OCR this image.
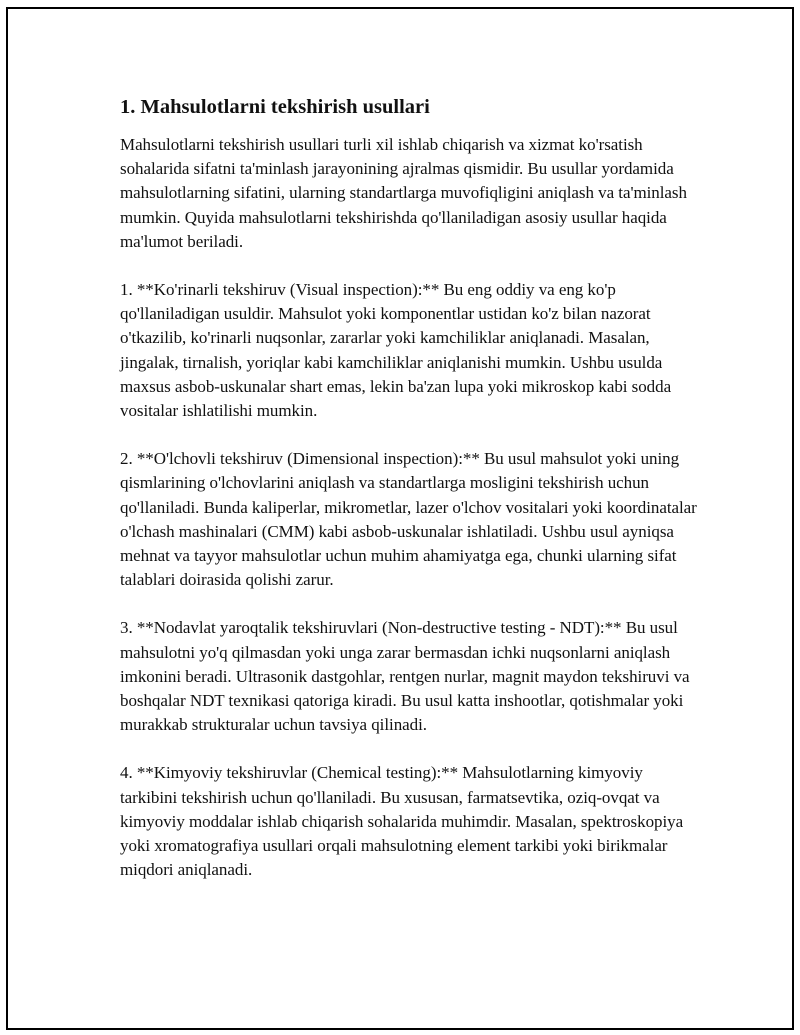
1. Mahsulotlarni tekshirish usullari

Mahsulotlarni tekshirish usullari turli xil ishlab chiqarish va xizmat ko'rsatish sohalarida sifatni ta'minlash jarayonining ajralmas qismidir. Bu usullar yordamida mahsulotlarning sifatini, ularning standartlarga muvofiqligini aniqlash va ta'minlash mumkin. Quyida mahsulotlarni tekshirishda qo'llaniladigan asosiy usullar haqida ma'lumot beriladi.

1. **Ko'rinarli tekshiruv (Visual inspection):** Bu eng oddiy va eng ko'p qo'llaniladigan usuldir. Mahsulot yoki komponentlar ustidan ko'z bilan nazorat o'tkazilib, ko'rinarli nuqsonlar, zararlar yoki kamchiliklar aniqlanadi. Masalan, jingalak, tirnalish, yoriqlar kabi kamchiliklar aniqlanishi mumkin. Ushbu usulda maxsus asbob-uskunalar shart emas, lekin ba'zan lupa yoki mikroskop kabi sodda vositalar ishlatilishi mumkin.

2. **O'lchovli tekshiruv (Dimensional inspection):** Bu usul mahsulot yoki uning qismlarining o'lchovlarini aniqlash va standartlarga mosligini tekshirish uchun qo'llaniladi. Bunda kaliperlar, mikrometlar, lazer o'lchov vositalari yoki koordinatalar o'lchash mashinalari (CMM) kabi asbob-uskunalar ishlatiladi. Ushbu usul ayniqsa mehnat va tayyor mahsulotlar uchun muhim ahamiyatga ega, chunki ularning sifat talablari doirasida qolishi zarur.

3. **Nodavlat yaroqtalik tekshiruvlari (Non-destructive testing - NDT):** Bu usul mahsulotni yo'q qilmasdan yoki unga zarar bermasdan ichki nuqsonlarni aniqlash imkonini beradi. Ultrasonik dastgohlar, rentgen nurlar, magnit maydon tekshiruvi va boshqalar NDT texnikasi qatoriga kiradi. Bu usul katta inshootlar, qotishmalar yoki murakkab strukturalar uchun tavsiya qilinadi.

4. **Kimyoviy tekshiruvlar (Chemical testing):** Mahsulotlarning kimyoviy tarkibini tekshirish uchun qo'llaniladi. Bu xususan, farmatsevtika, oziq-ovqat va kimyoviy moddalar ishlab chiqarish sohalarida muhimdir. Masalan, spektroskopiya yoki xromatografiya usullari orqali mahsulotning element tarkibi yoki birikmalar miqdori aniqlanadi.
